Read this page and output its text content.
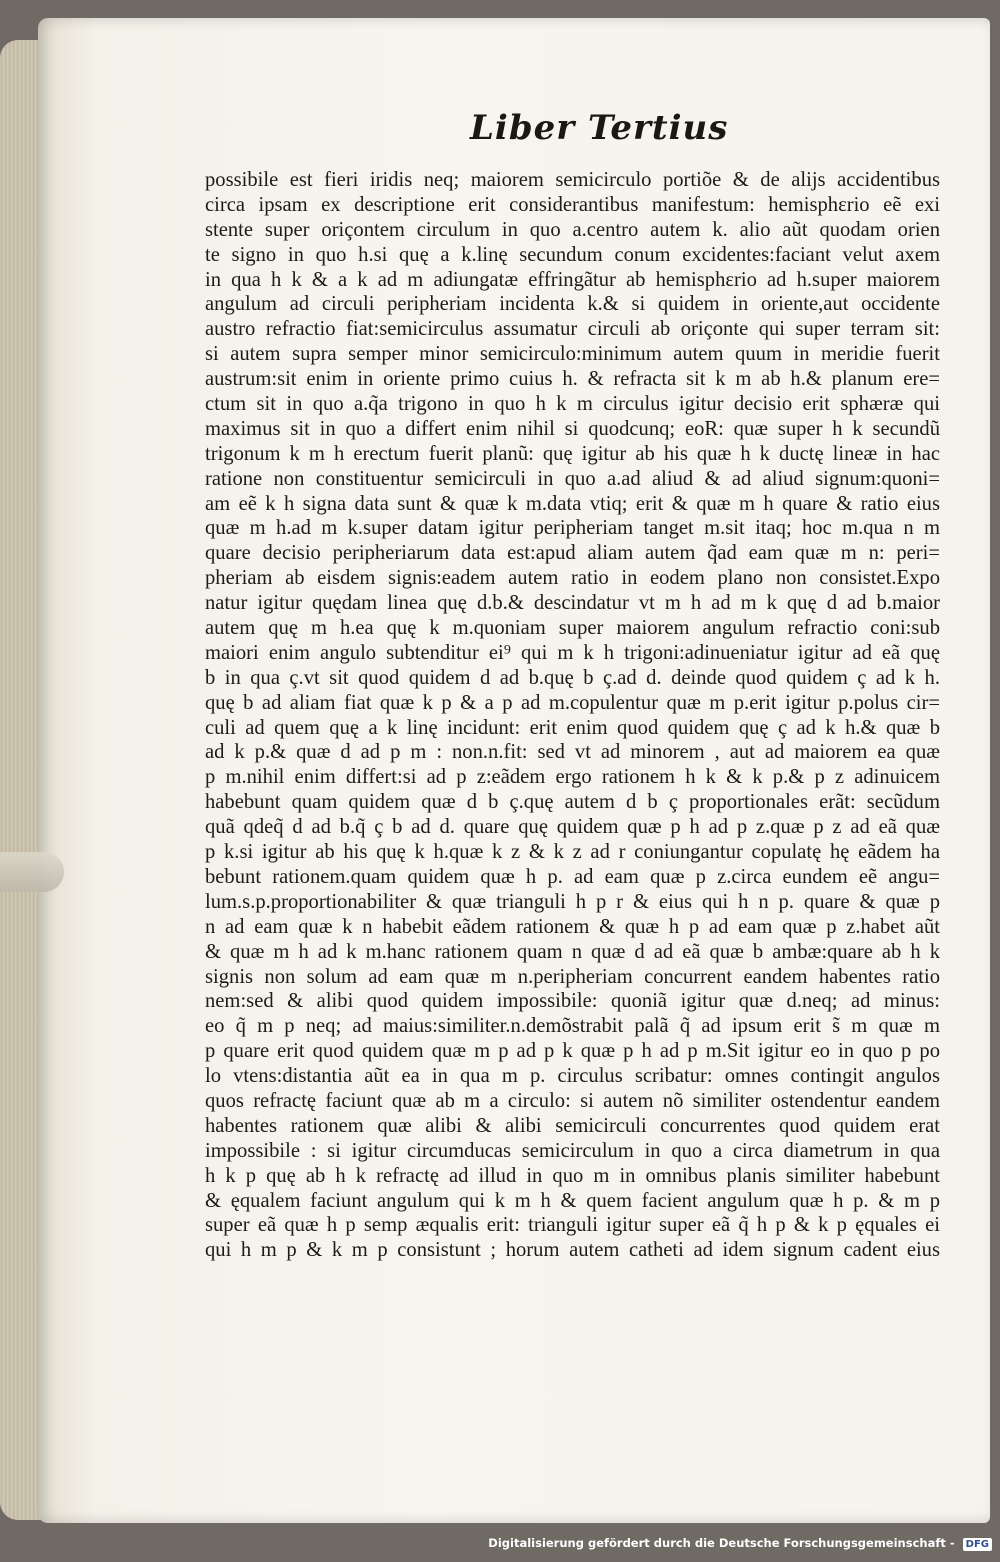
Liber Tertius
possibile est fieri iridis neq; maiorem semicirculo portiõe & de alijs accidentibus
circa ipsam ex descriptione erit considerantibus manifestum: hemisphεrio eẽ exi
stente super oriçontem circulum in quo a.centro autem k. alio aũt quodam orien
te signo in quo h.si quę a k.linę secundum conum excidentes:faciant velut axem
in qua h k & a k ad m adiungatæ effringãtur ab hemisphεrio ad h.super maiorem
angulum ad circuli peripheriam incidenta k.& si quidem in oriente,aut occidente
austro refractio fiat:semicirculus assumatur circuli ab oriçonte qui super terram sit:
si autem supra semper minor semicirculo:minimum autem quum in meridie fuerit
austrum:sit enim in oriente primo cuius h. & refracta sit k m ab h.& planum ere=
ctum sit in quo a.q̃a trigono in quo h k m circulus igitur decisio erit sphæræ qui
maximus sit in quo a differt enim nihil si quodcunq; eoR: quæ super h k secundũ
trigonum k m h erectum fuerit planũ: quę igitur ab his quæ h k ductę lineæ in hac
ratione non constituentur semicirculi in quo a.ad aliud & ad aliud signum:quoni=
am eẽ k h signa data sunt & quæ k m.data vtiq; erit & quæ m h quare & ratio eius
quæ m h.ad m k.super datam igitur peripheriam tanget m.sit itaq; hoc m.qua n m
quare decisio peripheriarum data est:apud aliam autem q̃ad eam quæ m n: peri=
pheriam ab eisdem signis:eadem autem ratio in eodem plano non consistet.Expo
natur igitur quędam linea quę d.b.& descindatur vt m h ad m k quę d ad b.maior
autem quę m h.ea quę k m.quoniam super maiorem angulum refractio coni:sub
maiori enim angulo subtenditur ei⁹ qui m k h trigoni:adinueniatur igitur ad eã quę
b in qua ç.vt sit quod quidem d ad b.quę b ç.ad d. deinde quod quidem ç ad k h.
quę b ad aliam fiat quæ k p & a p ad m.copulentur quæ m p.erit igitur p.polus cir=
culi ad quem quę a k linę incidunt: erit enim quod quidem quę ç ad k h.& quæ b
ad k p.& quæ d ad p m : non.n.fit: sed vt ad minorem , aut ad maiorem ea quæ
p m.nihil enim differt:si ad p z:eãdem ergo rationem h k & k p.& p z adinuicem
habebunt quam quidem quæ d b ç.quę autem d b ç proportionales erãt: secũdum
quã qdeq̃ d ad b.q̃ ç b ad d. quare quę quidem quæ p h ad p z.quæ p z ad eã quæ
p k.si igitur ab his quę k h.quæ k z & k z ad r coniungantur copulatę hę eãdem ha
bebunt rationem.quam quidem quæ h p. ad eam quæ p z.circa eundem eẽ angu=
lum.s.p.proportionabiliter & quæ trianguli h p r & eius qui h n p. quare & quæ p
n ad eam quæ k n habebit eãdem rationem & quæ h p ad eam quæ p z.habet aũt
& quæ m h ad k m.hanc rationem quam n quæ d ad eã quæ b ambæ:quare ab h k
signis non solum ad eam quæ m n.peripheriam concurrent eandem habentes ratio
nem:sed & alibi quod quidem impossibile: quoniã igitur quæ d.neq; ad minus:
eo q̃ m p neq; ad maius:similiter.n.demõstrabit palã q̃ ad ipsum erit s̃ m quæ m
p quare erit quod quidem quæ m p ad p k quæ p h ad p m.Sit igitur eo in quo p po
lo vtens:distantia aũt ea in qua m p. circulus scribatur: omnes contingit angulos
quos refractę faciunt quæ ab m a circulo: si autem nõ similiter ostendentur eandem
habentes rationem quæ alibi & alibi semicirculi concurrentes quod quidem erat
impossibile : si igitur circumducas semicirculum in quo a circa diametrum in qua
h k p quę ab h k refractę ad illud in quo m in omnibus planis similiter habebunt
& ęqualem faciunt angulum qui k m h & quem facient angulum quæ h p. & m p
super eã quæ h p semp æqualis erit: trianguli igitur super eã q̃ h p & k p ęquales ei
qui h m p & k m p consistunt ; horum autem catheti ad idem signum cadent eius
Digitalisierung gefördert durch die Deutsche Forschungsgemeinschaft - DFG
